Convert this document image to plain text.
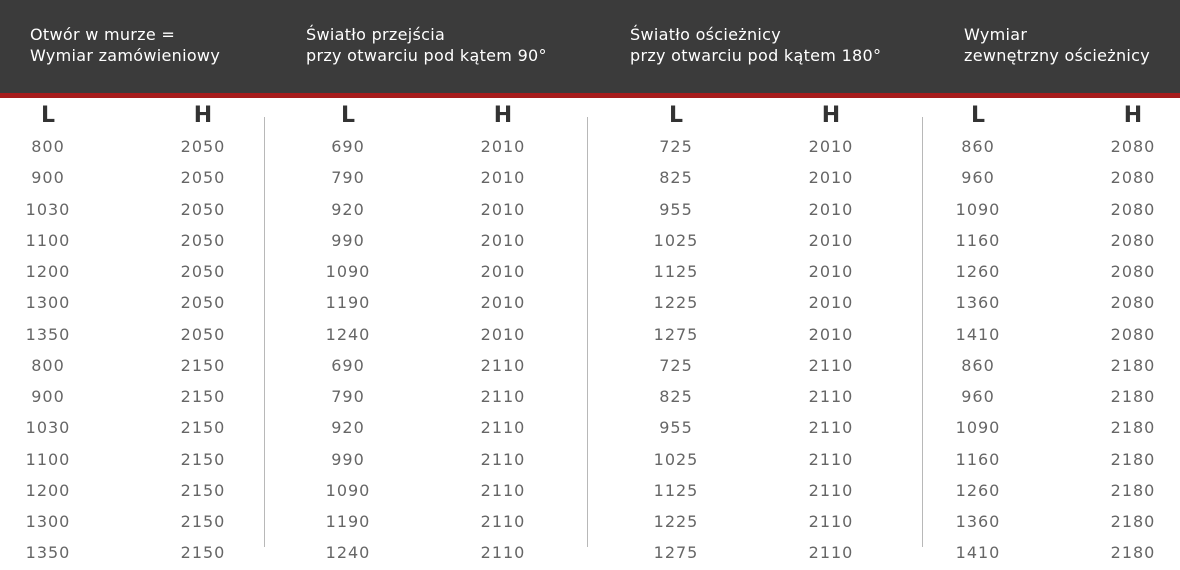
Otwór w murze =
Wymiar zamówieniowy
Światło przejścia
przy otwarciu pod kątem 90°
Światło ościeżnicy
przy otwarciu pod kątem 180°
Wymiar
zewnętrzny ościeżnicy
L	H	L	H	L	H	L	H
800	2050	690	2010	725	2010	860	2080
900	2050	790	2010	825	2010	960	2080
1030	2050	920	2010	955	2010	1090	2080
1100	2050	990	2010	1025	2010	1160	2080
1200	2050	1090	2010	1125	2010	1260	2080
1300	2050	1190	2010	1225	2010	1360	2080
1350	2050	1240	2010	1275	2010	1410	2080
800	2150	690	2110	725	2110	860	2180
900	2150	790	2110	825	2110	960	2180
1030	2150	920	2110	955	2110	1090	2180
1100	2150	990	2110	1025	2110	1160	2180
1200	2150	1090	2110	1125	2110	1260	2180
1300	2150	1190	2110	1225	2110	1360	2180
1350	2150	1240	2110	1275	2110	1410	2180
